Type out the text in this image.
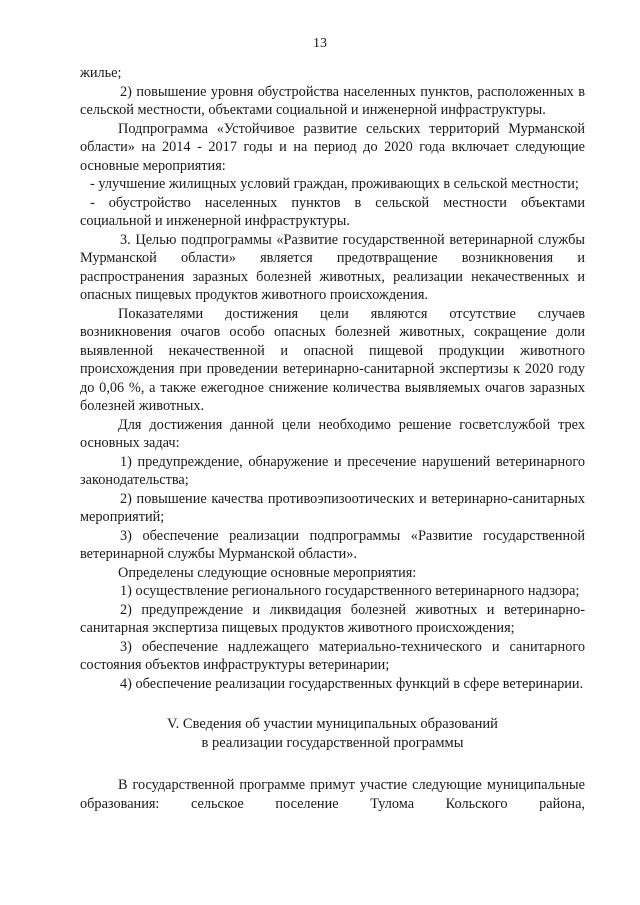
13

жилье;

2) повышение уровня обустройства населенных пунктов, расположенных в сельской местности, объектами социальной и инженерной инфраструктуры.

Подпрограмма «Устойчивое развитие сельских территорий Мурманской области» на 2014 - 2017 годы и на период до 2020 года включает следующие основные мероприятия:

- улучшение жилищных условий граждан, проживающих в сельской местности;

- обустройство населенных пунктов в сельской местности объектами социальной и инженерной инфраструктуры.

3. Целью подпрограммы «Развитие государственной ветеринарной службы Мурманской области» является предотвращение возникновения и распространения заразных болезней животных, реализации некачественных и опасных пищевых продуктов животного происхождения.

Показателями достижения цели являются отсутствие случаев возникновения очагов особо опасных болезней животных, сокращение доли выявленной некачественной и опасной пищевой продукции животного происхождения при проведении ветеринарно-санитарной экспертизы к 2020 году до 0,06 %, а также ежегодное снижение количества выявляемых очагов заразных болезней животных.

Для достижения данной цели необходимо решение госветслужбой трех основных задач:

1) предупреждение, обнаружение и пресечение нарушений ветеринарного законодательства;

2) повышение качества противоэпизоотических и ветеринарно-санитарных мероприятий;

3) обеспечение реализации подпрограммы «Развитие государственной ветеринарной службы Мурманской области».

Определены следующие основные мероприятия:

1) осуществление регионального государственного ветеринарного надзора;

2) предупреждение и ликвидация болезней животных и ветеринарно-санитарная экспертиза пищевых продуктов животного происхождения;

3) обеспечение надлежащего материально-технического и санитарного состояния объектов инфраструктуры ветеринарии;

4) обеспечение реализации государственных функций в сфере ветеринарии.

V. Сведения об участии муниципальных образований
в реализации государственной программы

В государственной программе примут участие следующие муниципальные образования: сельское поселение Тулома Кольского района,
